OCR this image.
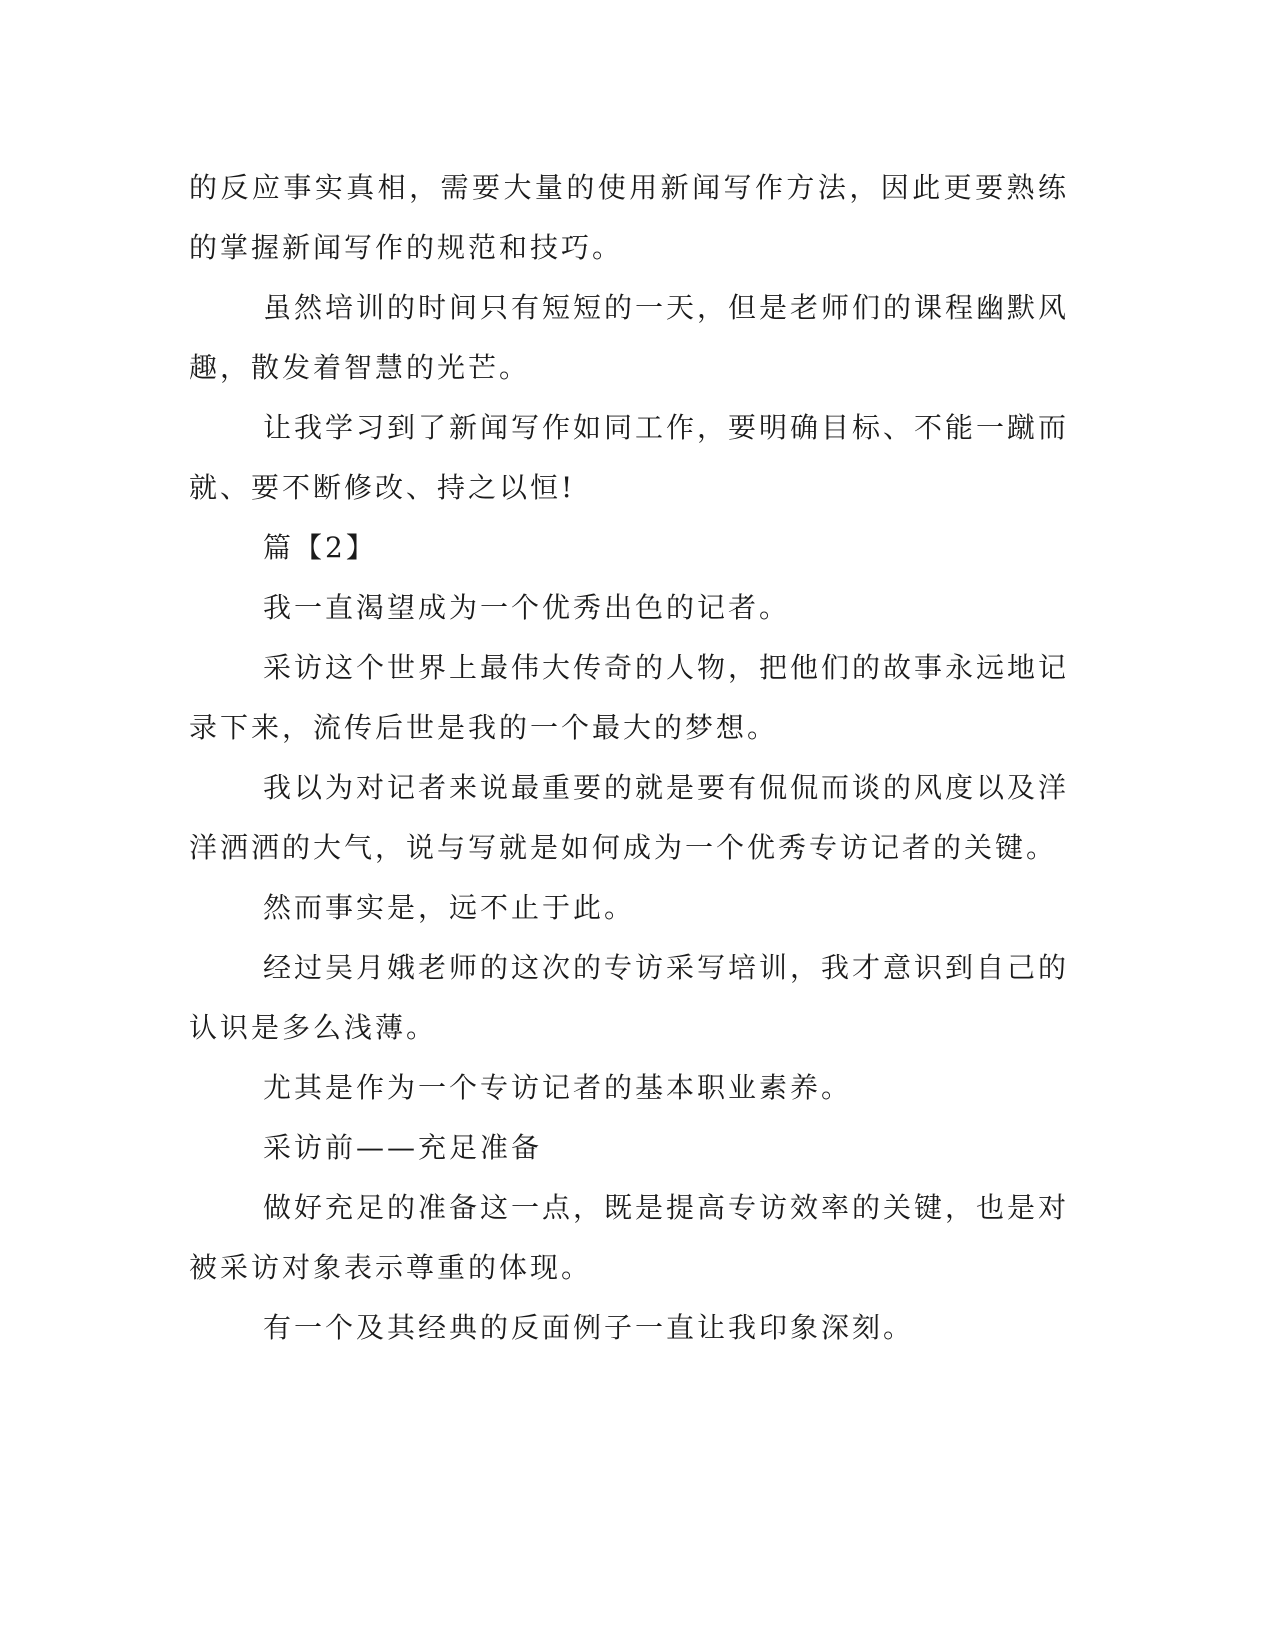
的反应事实真相，需要大量的使用新闻写作方法，因此更要熟练的掌握新闻写作的规范和技巧。

虽然培训的时间只有短短的一天，但是老师们的课程幽默风趣，散发着智慧的光芒。

让我学习到了新闻写作如同工作，要明确目标、不能一蹴而就、要不断修改、持之以恒!

篇【2】

我一直渴望成为一个优秀出色的记者。

采访这个世界上最伟大传奇的人物，把他们的故事永远地记录下来，流传后世是我的一个最大的梦想。

我以为对记者来说最重要的就是要有侃侃而谈的风度以及洋洋洒洒的大气，说与写就是如何成为一个优秀专访记者的关键。

然而事实是，远不止于此。

经过吴月娥老师的这次的专访采写培训，我才意识到自己的认识是多么浅薄。

尤其是作为一个专访记者的基本职业素养。

采访前——充足准备

做好充足的准备这一点，既是提高专访效率的关键，也是对被采访对象表示尊重的体现。

有一个及其经典的反面例子一直让我印象深刻。
